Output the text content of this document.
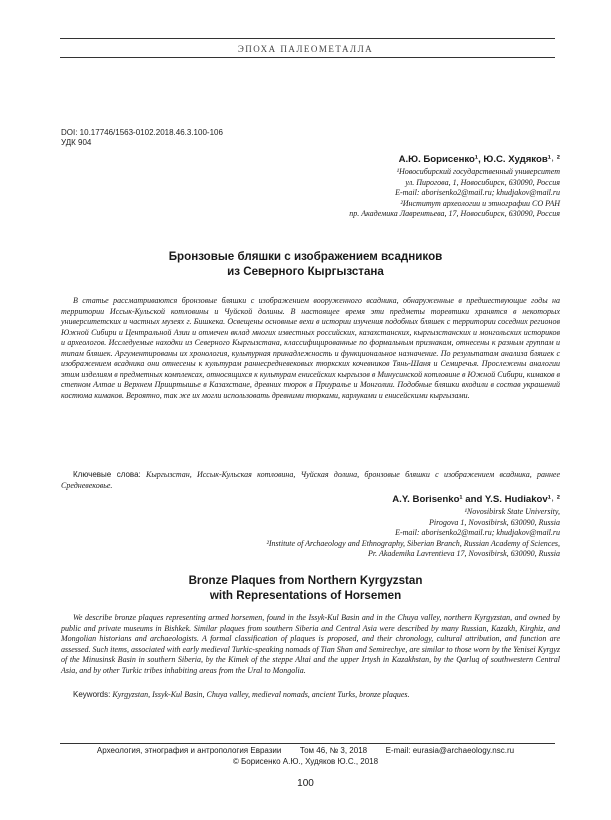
ЭПОХА ПАЛЕОМЕТАЛЛА
DOI: 10.17746/1563-0102.2018.46.3.100-106
УДК 904
А.Ю. Борисенко¹, Ю.С. Худяков¹˒ ²
¹Новосибирский государственный университет
ул. Пирогова, 1, Новосибирск, 630090, Россия
E-mail: aborisenko2@mail.ru; khudjakov@mail.ru
²Институт археологии и этнографии СО РАН
пр. Академика Лаврентьева, 17, Новосибирск, 630090, Россия
Бронзовые бляшки с изображением всадников
из Северного Кыргызстана
В статье рассматриваются бронзовые бляшки с изображением вооруженного всадника, обнаруженные в предшествующие годы на территории Иссык-Кульской котловины и Чуйской долины. В настоящее время эти предметы торевтики хранятся в некоторых университетских и частных музеях г. Бишкека. Освещены основные вехи в истории изучения подобных бляшек с территории соседних регионов Южной Сибири и Центральной Азии и отмечен вклад многих известных российских, казахстанских, кыргызстанских и монгольских историков и археологов. Исследуемые находки из Северного Кыргызстана, классифицированные по формальным признакам, отнесены к разным группам и типам бляшек. Аргументированы их хронология, культурная принадлежность и функциональное назначение. По результатам анализа бляшек с изображением всадника они отнесены к культурам раннесредневековых тюркских кочевников Тянь-Шаня и Семиречья. Прослежены аналогии этим изделиям в предметных комплексах, относящихся к культурам енисейских кыргызов в Минусинской котловине в Южной Сибири, кимаков в степном Алтае и Верхнем Прииртышье в Казахстане, древних тюрок в Приуралье и Монголии. Подобные бляшки входили в состав украшений костюма кимаков. Вероятно, так же их могли использовать древними тюрками, карлуками и енисейскими кыргызами.
Ключевые слова: Кыргызстан, Иссык-Кульская котловина, Чуйская долина, бронзовые бляшки с изображением всадника, раннее Средневековье.
A.Y. Borisenko¹ and Y.S. Hudiakov¹˒ ²
¹Novosibirsk State University,
Pirogova 1, Novosibirsk, 630090, Russia
E-mail: aborisenko2@mail.ru; khudjakov@mail.ru
²Institute of Archaeology and Ethnography, Siberian Branch, Russian Academy of Sciences,
Pr. Akademika Lavrentieva 17, Novosibirsk, 630090, Russia
Bronze Plaques from Northern Kyrgyzstan
with Representations of Horsemen
We describe bronze plaques representing armed horsemen, found in the Issyk-Kul Basin and in the Chuya valley, northern Kyrgyzstan, and owned by public and private museums in Bishkek. Similar plaques from southern Siberia and Central Asia were described by many Russian, Kazakh, Kirghiz, and Mongolian historians and archaeologists. A formal classification of plaques is proposed, and their chronology, cultural attribution, and function are assessed. Such items, associated with early medieval Turkic-speaking nomads of Tian Shan and Semirechye, are similar to those worn by the Yenisei Kyrgyz of the Minusinsk Basin in southern Siberia, by the Kimek of the steppe Altai and the upper Irtysh in Kazakhstan, by the Qarluq of southwestern Central Asia, and by other Turkic tribes inhabiting areas from the Ural to Mongolia.
Keywords: Kyrgyzstan, Issyk-Kul Basin, Chuya valley, medieval nomads, ancient Turks, bronze plaques.
Археология, этнография и антропология Евразии Том 46, № 3, 2018 E-mail: eurasia@archaeology.nsc.ru
© Борисенко А.Ю., Худяков Ю.С., 2018
100
